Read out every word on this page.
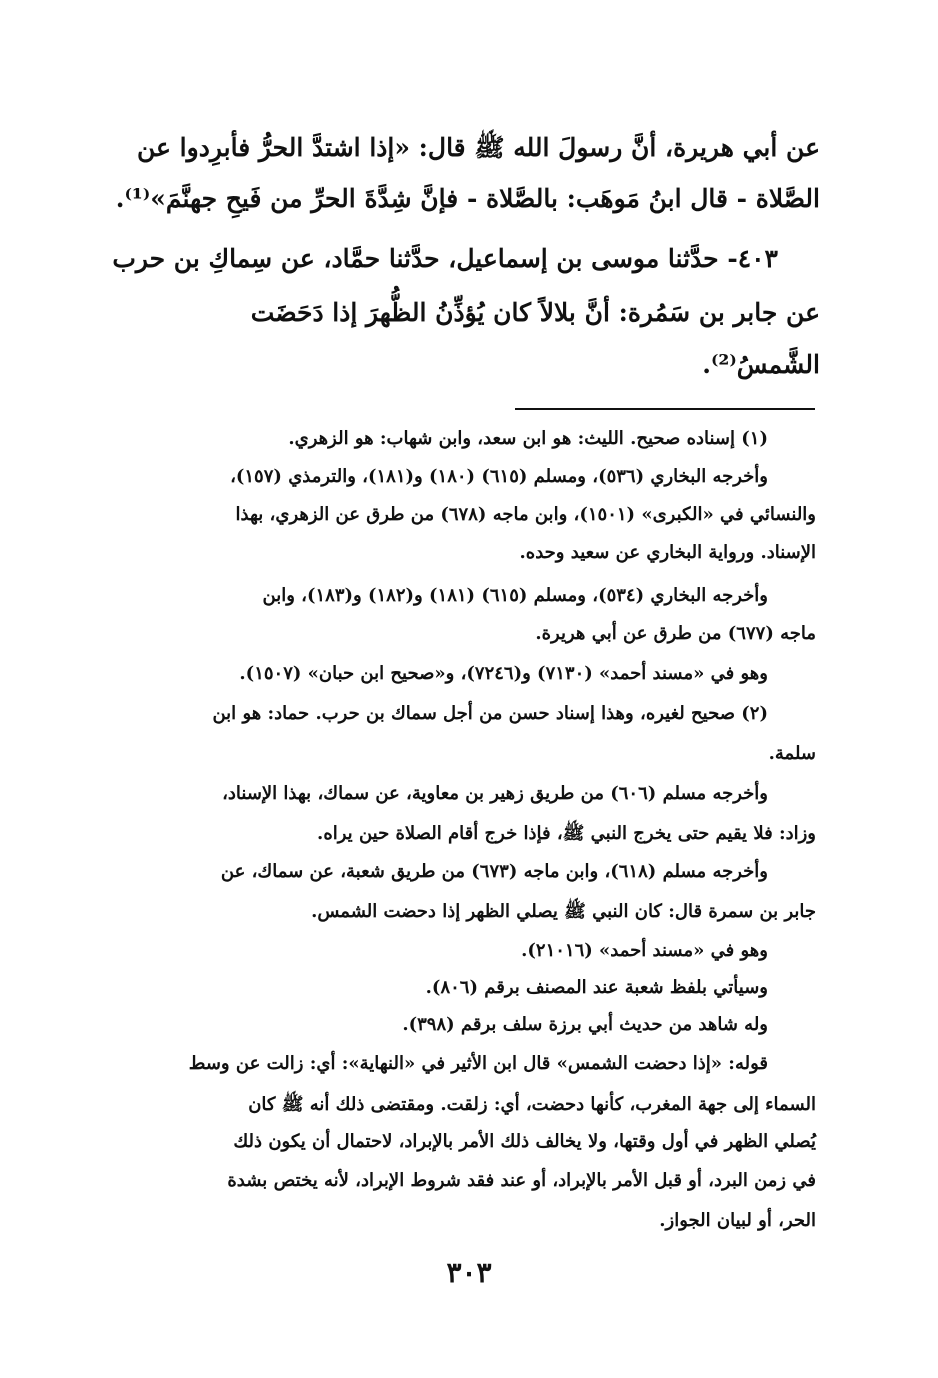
عن أبي هريرة، أنَّ رسولَ الله ﷺ قال: «إذا اشتدَّ الحرُّ فأبرِدوا عن
الصَّلاة - قال ابنُ مَوهَب: بالصَّلاة - فإنَّ شِدَّةَ الحرِّ من فَيحِ جهنَّمَ»⁽¹⁾.
٤٠٣- حدَّثنا موسى بن إسماعيل، حدَّثنا حمَّاد، عن سِماكِ بن حرب
عن جابر بن سَمُرة: أنَّ بلالاً كان يُؤذِّنُ الظُّهرَ إذا دَحَضَت
الشَّمسُ⁽²⁾.
(١) إسناده صحيح. الليث: هو ابن سعد، وابن شهاب: هو الزهري.
وأخرجه البخاري (٥٣٦)، ومسلم (٦١٥) (١٨٠) و(١٨١)، والترمذي (١٥٧)،
والنسائي في «الكبرى» (١٥٠١)، وابن ماجه (٦٧٨) من طرق عن الزهري، بهذا
الإسناد. ورواية البخاري عن سعيد وحده.
وأخرجه البخاري (٥٣٤)، ومسلم (٦١٥) (١٨١) و(١٨٢) و(١٨٣)، وابن
ماجه (٦٧٧) من طرق عن أبي هريرة.
وهو في «مسند أحمد» (٧١٣٠) و(٧٢٤٦)، و«صحيح ابن حبان» (١٥٠٧).
(٢) صحيح لغيره، وهذا إسناد حسن من أجل سماك بن حرب. حماد: هو ابن
سلمة.
وأخرجه مسلم (٦٠٦) من طريق زهير بن معاوية، عن سماك، بهذا الإسناد،
وزاد: فلا يقيم حتى يخرج النبي ﷺ، فإذا خرج أقام الصلاة حين يراه.
وأخرجه مسلم (٦١٨)، وابن ماجه (٦٧٣) من طريق شعبة، عن سماك، عن
جابر بن سمرة قال: كان النبي ﷺ يصلي الظهر إذا دحضت الشمس.
وهو في «مسند أحمد» (٢١٠١٦).
وسيأتي بلفظ شعبة عند المصنف برقم (٨٠٦).
وله شاهد من حديث أبي برزة سلف برقم (٣٩٨).
قوله: «إذا دحضت الشمس» قال ابن الأثير في «النهاية»: أي: زالت عن وسط
السماء إلى جهة المغرب، كأنها دحضت، أي: زلقت. ومقتضى ذلك أنه ﷺ كان
يُصلي الظهر في أول وقتها، ولا يخالف ذلك الأمر بالإبراد، لاحتمال أن يكون ذلك
في زمن البرد، أو قبل الأمر بالإبراد، أو عند فقد شروط الإبراد، لأنه يختص بشدة
الحر، أو لبيان الجواز.
٣٠٣
